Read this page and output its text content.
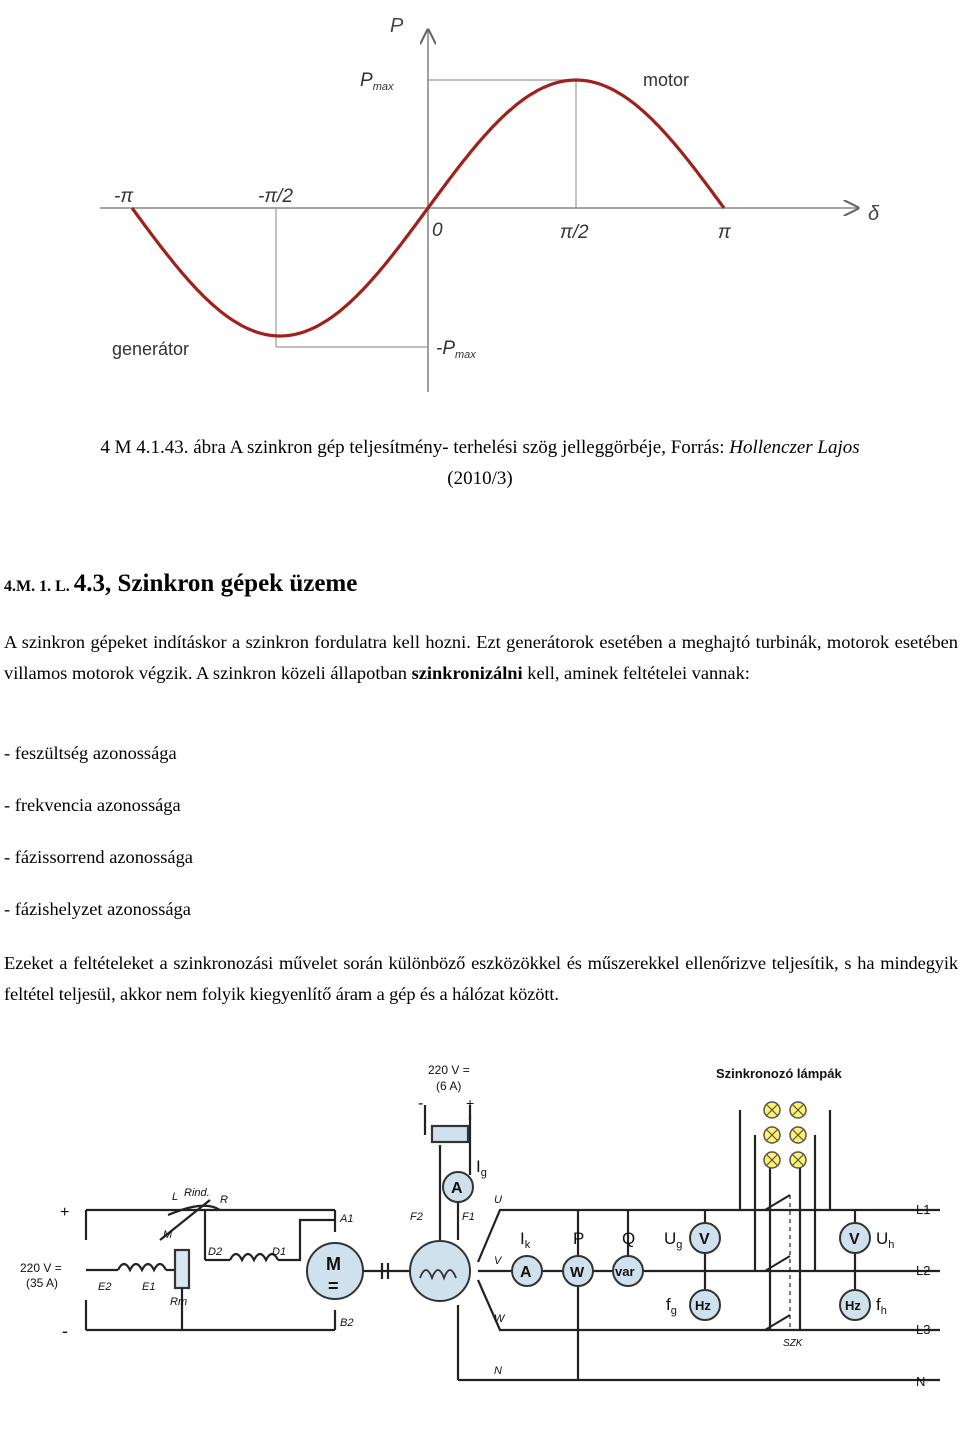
P
δ
$P_{max}$
$-P_{max}$
motor
generátor
-π	-π/2
0	π/2	π
4 M 4.1.43. ábra A szinkron gép teljesítmény- terhelési szög jelleggörbéje, Forrás: Hollenczer Lajos
(2010/3)
4.M. 1. L. 4.3, Szinkron gépek üzeme
A szinkron gépeket indításkor a szinkron fordulatra kell hozni. Ezt generátorok esetében a meghajtó turbinák, motorok esetében villamos motorok végzik. A szinkron közeli állapotban szinkronizálni kell, aminek feltételei vannak:
- feszültség azonossága
- frekvencia azonossága
- fázissorrend azonossága
- fázishelyzet azonossága
Ezeket a feltételeket a szinkronozási művelet során különböző eszközökkel és műszerekkel ellenőrizve teljesítik, s ha mindegyik feltétel teljesül, akkor nem folyik kiegyenlítő áram a gép és a hálózat között.
220 V =
(6 A)
-	+
Szinkronozó lámpák
+
-
220 V =
(35 A)
L Rind.
R
M
Rm
E2	E1
D2	D1
A1
B2
M
=
F2	F1
U
V
W
N
A
$I_g$
$I_k$	P Q
A	W var
$U_g$ V
$f_g$ Hz
V $U_h$
Hz $f_h$
SZK
L1
L2
L3
N
